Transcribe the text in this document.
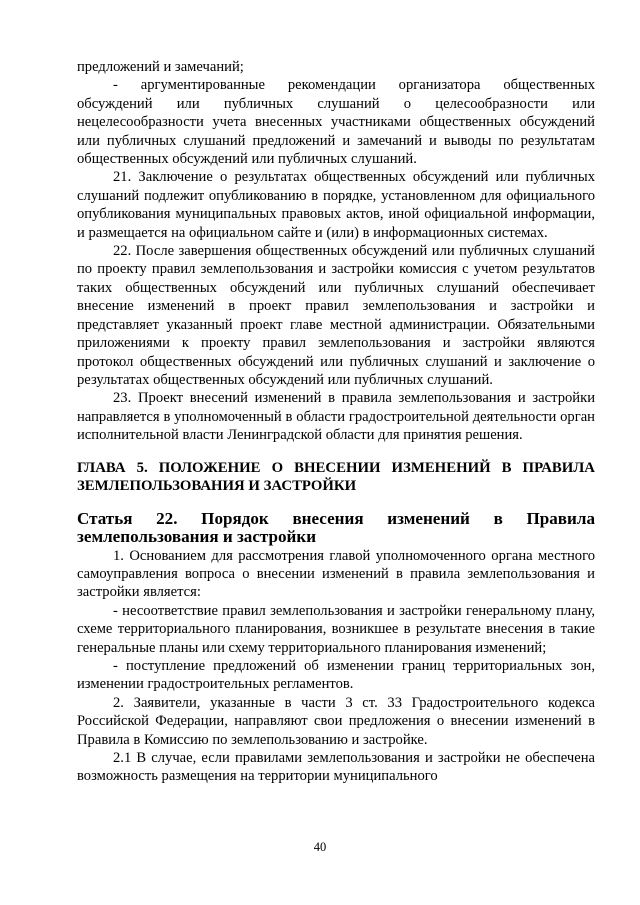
предложений и замечаний;

- аргументированные рекомендации организатора общественных обсуждений или публичных слушаний о целесообразности или нецелесообразности учета внесенных участниками общественных обсуждений или публичных слушаний предложений и замечаний и выводы по результатам общественных обсуждений или публичных слушаний.

21. Заключение о результатах общественных обсуждений или публичных слушаний подлежит опубликованию в порядке, установленном для официального опубликования муниципальных правовых актов, иной официальной информации, и размещается на официальном сайте и (или) в информационных системах.

22. После завершения общественных обсуждений или публичных слушаний по проекту правил землепользования и застройки комиссия с учетом результатов таких общественных обсуждений или публичных слушаний обеспечивает внесение изменений в проект правил землепользования и застройки и представляет указанный проект главе местной администрации. Обязательными приложениями к проекту правил землепользования и застройки являются протокол общественных обсуждений или публичных слушаний и заключение о результатах общественных обсуждений или публичных слушаний.

23. Проект внесений изменений в правила землепользования и застройки направляется в уполномоченный в области градостроительной деятельности орган исполнительной власти Ленинградской области для принятия решения.

ГЛАВА 5. ПОЛОЖЕНИЕ О ВНЕСЕНИИ ИЗМЕНЕНИЙ В ПРАВИЛА ЗЕМЛЕПОЛЬЗОВАНИЯ И ЗАСТРОЙКИ
Статья 22. Порядок внесения изменений в Правила землепользования и застройки

1. Основанием для рассмотрения главой уполномоченного органа местного самоуправления вопроса о внесении изменений в правила землепользования и застройки является:

- несоответствие правил землепользования и застройки генеральному плану, схеме территориального планирования, возникшее в результате внесения в такие генеральные планы или схему территориального планирования изменений;

- поступление предложений об изменении границ территориальных зон, изменении градостроительных регламентов.

2. Заявители, указанные в части 3 ст. 33 Градостроительного кодекса Российской Федерации, направляют свои предложения о внесении изменений в Правила в Комиссию по землепользованию и застройке.

2.1 В случае, если правилами землепользования и застройки не обеспечена возможность размещения на территории муниципального

40
